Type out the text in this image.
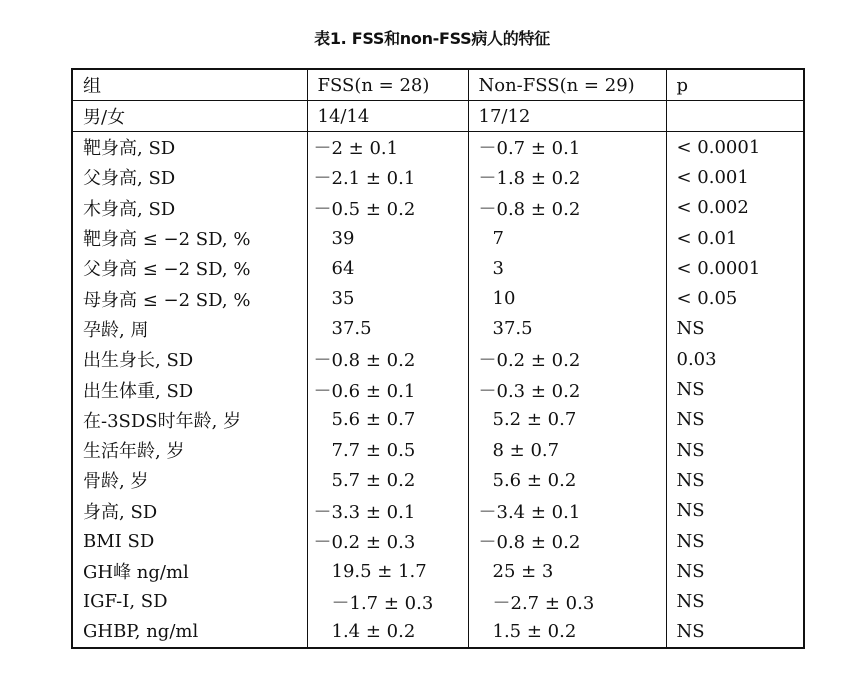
表1. FSS和non-FSS病人的特征
组	FSS(n = 28)	Non-FSS(n = 29)	p
男/女	14/14	17/12	
靶身高, SD	－2 ± 0.1	－0.7 ± 0.1	< 0.0001
父身高, SD	－2.1 ± 0.1	－1.8 ± 0.2	< 0.001
木身高, SD	－0.5 ± 0.2	－0.8 ± 0.2	< 0.002
靶身高 ≤ −2 SD, %	39	7	< 0.01
父身高 ≤ −2 SD, %	64	3	< 0.0001
母身高 ≤ −2 SD, %	35	10	< 0.05
孕龄, 周	37.5	37.5	NS
出生身长, SD	－0.8 ± 0.2	－0.2 ± 0.2	0.03
出生体重, SD	－0.6 ± 0.1	－0.3 ± 0.2	NS
在-3SDS时年龄, 岁	5.6 ± 0.7	5.2 ± 0.7	NS
生活年龄, 岁	7.7 ± 0.5	8 ± 0.7	NS
骨龄, 岁	5.7 ± 0.2	5.6 ± 0.2	NS
身高, SD	－3.3 ± 0.1	－3.4 ± 0.1	NS
BMI SD	－0.2 ± 0.3	－0.8 ± 0.2	NS
GH峰 ng/ml	19.5 ± 1.7	25 ± 3	NS
IGF-I, SD	－1.7 ± 0.3	－2.7 ± 0.3	NS
GHBP, ng/ml	1.4 ± 0.2	1.5 ± 0.2	NS
